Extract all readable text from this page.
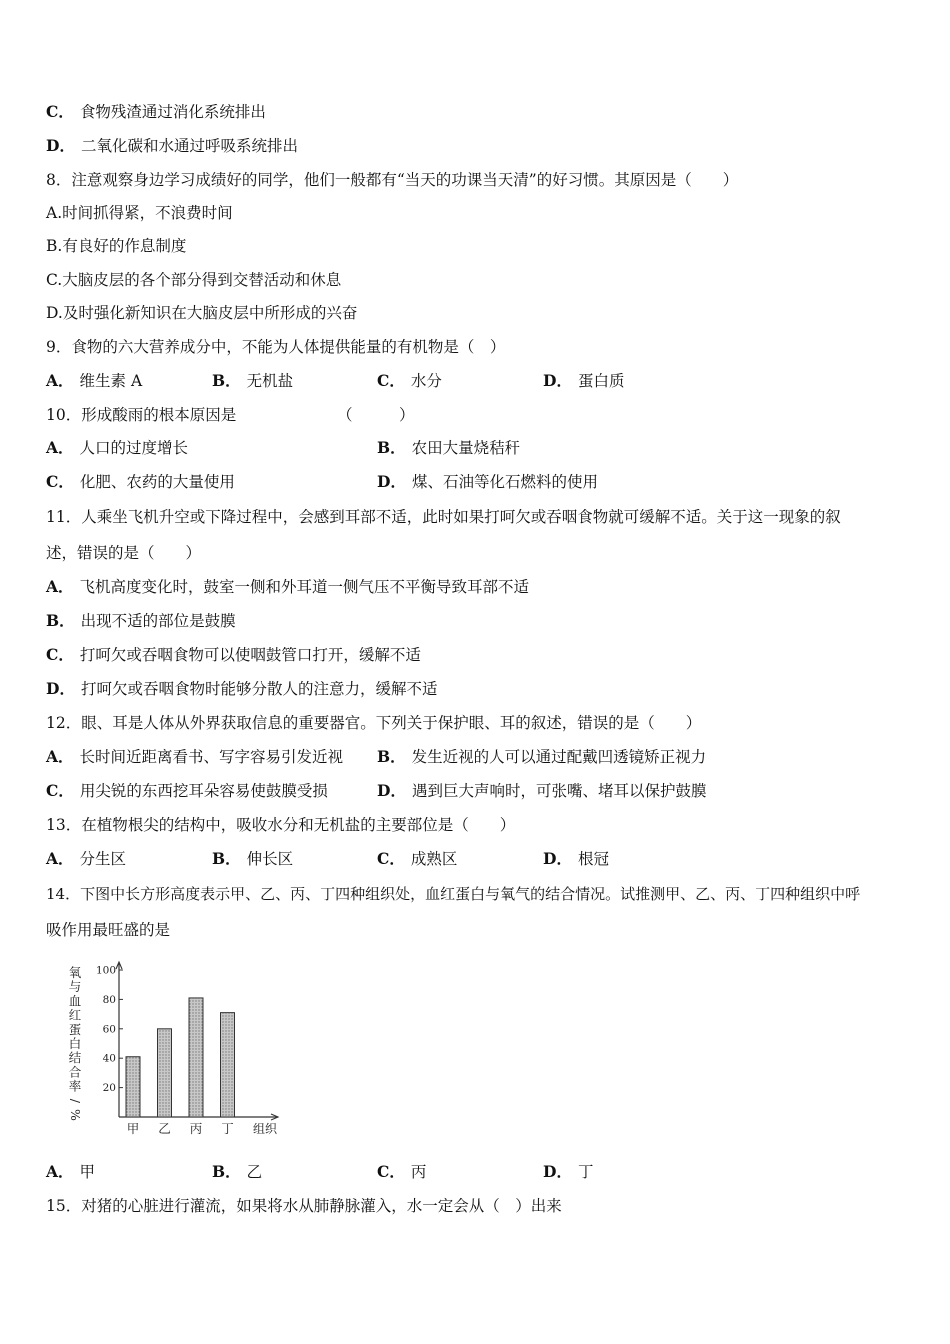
C． 食物残渣通过消化系统排出
D． 二氧化碳和水通过呼吸系统排出
8．注意观察身边学习成绩好的同学，他们一般都有“当天的功课当天清”的好习惯。其原因是（　　）
A.时间抓得紧，不浪费时间
B.有良好的作息制度
C.大脑皮层的各个部分得到交替活动和休息
D.及时强化新知识在大脑皮层中所形成的兴奋
9．食物的六大营养成分中，不能为人体提供能量的有机物是（　）
A． 维生素 A	B． 无机盐	C． 水分	D． 蛋白质
10．形成酸雨的根本原因是　　　　　　　（　　　）
A． 人口的过度增长	B． 农田大量烧秸秆
C． 化肥、农药的大量使用	D． 煤、石油等化石燃料的使用
11．人乘坐飞机升空或下降过程中，会感到耳部不适，此时如果打呵欠或吞咽食物就可缓解不适。关于这一现象的叙
述，错误的是（　　）
A． 飞机高度变化时，鼓室一侧和外耳道一侧气压不平衡导致耳部不适
B． 出现不适的部位是鼓膜
C． 打呵欠或吞咽食物可以使咽鼓管口打开，缓解不适
D． 打呵欠或吞咽食物时能够分散人的注意力，缓解不适
12．眼、耳是人体从外界获取信息的重要器官。下列关于保护眼、耳的叙述，错误的是（　　）
A． 长时间近距离看书、写字容易引发近视 B． 发生近视的人可以通过配戴凹透镜矫正视力
C． 用尖锐的东西挖耳朵容易使鼓膜受损	D． 遇到巨大声响时，可张嘴、堵耳以保护鼓膜
13．在植物根尖的结构中，吸收水分和无机盐的主要部位是（　　）
A． 分生区	B． 伸长区	C． 成熟区	D． 根冠
14．下图中长方形高度表示甲、乙、丙、丁四种组织处，血红蛋白与氧气的结合情况。试推测甲、乙、丙、丁四种组织中呼
吸作用最旺盛的是
20
40
60
80
100
氧
与
血
红
蛋
白
结
合
率
/
%
甲 乙 丙 丁 组织
A． 甲	B． 乙	C． 丙	D． 丁
15．对猪的心脏进行灌流，如果将水从肺静脉灌入，水一定会从（　）出来
